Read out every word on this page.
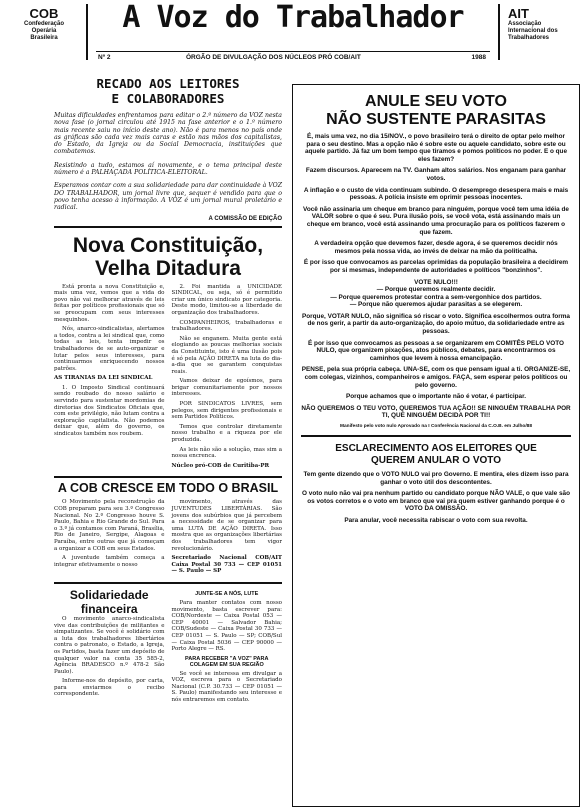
COB
Confederação
Operária
Brasileira
A Voz do Trabalhador	AIT
Associação
Internacional dos
Trabalhadores
Nº 2	ÓRGÃO DE DIVULGAÇÃO DOS NÚCLEOS PRÓ COB/AIT	1988
RECADO AOS LEITORES
E COLABORADORES
Muitas dificuldades enfrentamos para editar o 2.º número da VOZ nesta nova fase (o jornal circulou até 1915 na fase anterior e o 1.º número mais recente saiu no início deste ano). Não é para menos no país onde as gráficas são cada vez mais caras e estão nas mãos dos capitalistas, do Estado, da Igreja ou da Social Democracia, instituições que combatemos.
Resistindo a tudo, estamos aí novamente, e o tema principal deste número é a PALHAÇADA POLÍTICA-ELEITORAL.
Esperamos contar com a sua solidariedade para dar continuidade à VOZ DO TRABALHADOR, um jornal livre que, sequer é vendido para que o povo tenha acesso à informação. A VOZ é um jornal mural proletário e radical.
A COMISSÃO DE EDIÇÃO
Nova Constituição,
Velha Ditadura

Está pronta a nova Constituição e, mais uma vez, vemos que a vida do povo não vai melhorar através de leis feitas por políticos profissionais que só se preocupam com seus interesses mesquinhos.

Nós, anarco-sindicalistas, alertamos a todos, contra a lei sindical que, como todas as leis, tenta impedir os trabalhadores de se auto-organizar e lutar pelos seus interesses, para continuarmos enriquecendo nossos patrões.

AS TIRANIAS DA LEI SINDICAL

1. O Imposto Sindical continuará sendo roubado do nosso salário e servindo para sustentar mordomias de diretorias dos Sindicatos Oficiais que, com este privilégio, não lutam contra a exploração capitalista. Não podemos deixar que, além do governo, os sindicatos também nos roubem.

2. Foi mantida a UNICIDADE SINDICAL, ou seja, só é permitido criar um único sindicato por categoria. Deste modo, limitou-se a liberdade de organização dos trabalhadores.

COMPANHEIROS, trabalhadoras e trabalhadores.

Não se enganem. Muita gente está elogiando as poucas melhorias sociais da Constituinte, isto é uma ilusão pois é só pela AÇÃO DIRETA na luta do dia-a-dia que se garantem conquistas reais.

Vamos deixar de egoísmos, para brigar comunitariamente por nossos interesses.

POR SINDICATOS LIVRES, sem pelegos, sem dirigentes profissionais e sem Partidos Políticos.

Temos que controlar diretamente nosso trabalho e a riqueza por ele produzida.

As leis não são a solução, mas sim a nossa encrenca.

Núcleo pró-COB de Curitiba-PR

A COB CRESCE EM TODO O BRASIL

O Movimento pela reconstrução da COB preparam para seu 3.º Congresso Nacional. No 2.º Congresso houve S. Paulo, Bahia e Rio Grande do Sul. Para o 3.º já contamos com Paraná, Brasília, Rio de Janeiro, Sergipe, Alagoas e Paraíba, entre outras que já começam a organizar a COB em seus Estados.

A juventude também começa a integrar efetivamente o nosso

movimento, através das JUVENTUDES LIBERTÁRIAS. São jovens dos subúrbios que já percebem a necessidade de se organizar para uma LUTA DE AÇÃO DIRETA. Isso mostra que as organizações libertárias dos trabalhadores tem vigor revolucionário.

Secretariado Nacional COB/AIT Caixa Postal 30 733 — CEP 01051 — S. Paulo — SP

Solidariedade
financeira

O movimento anarco-sindicalista vive das contribuições de militantes e simpatizantes. Se você é solidário com a luta dos trabalhadores libertários contra o patronato, o Estado, a Igreja, os Partidos, basta fazer um depósito de qualquer valor na conta 35 585-2, Agência BRADESCO n.º 478-2 São Paulo).

Informe-nos do depósito, por carta, para enviarmos o recibo correspondente.

JUNTE-SE A NÓS, LUTE

Para manter contatos com nosso movimento, basta escrever para: COB/Nordeste — Caixa Postal 053 — CEP 40001 — Salvador Bahia; COB/Sudeste — Caixa Postal 30 733 — CEP 01051 — S. Paulo — SP; COB/Sul — Caixa Postal 5036 — CEP 90000 — Porto Alegre — RS.

PARA RECEBER "A VOZ" PARA COLAGEM EM SUA REGIÃO

Se você se interessa em divulgar a VOZ, escreva para o Secretariado Nacional (C.P. 30.733 — CEP 01051 — S. Paulo) manifestando seu interesse e nós entraremos em contato.

ANULE SEU VOTO
NÃO SUSTENTE PARASITAS

É, mais uma vez, no dia 15/NOV., o povo brasileiro terá o direito de optar pelo melhor para o seu destino. Mas a opção não é sobre este ou aquele candidato, sobre este ou aquele partido. Já faz um bom tempo que tiramos e pomos políticos no poder. E o que eles fazem?

Fazem discursos. Aparecem na TV. Ganham altos salários. Nos enganam para ganhar votos.

A inflação e o custo de vida continuam subindo. O desemprego desespera mais e mais pessoas. A polícia insiste em oprimir pessoas inocentes.

Você não assinaria um cheque em branco para ninguém, porque você tem uma idéia de VALOR sobre o que é seu. Pura ilusão pois, se você vota, está assinando mais un cheque em branco, você está assinando uma procuração para os políticos fazerem o que fazem.

A verdadeira opção que devemos fazer, desde agora, é se queremos decidir nós mesmos pela nossa vida, ao invés de deixar na mão da politicalha.

É por isso que convocamos as parcelas oprimidas da população brasileira a decidirem por si mesmas, independente de autoridades e políticos "bonzinhos".

VOTE NULO!!!

— Porque queremos realmente decidir.
— Porque queremos protestar contra a sem-vergonhice dos partidos.
— Porque não queremos ajudar parasitas a se elegerem.

Porque, VOTAR NULO, não significa só riscar o voto. Significa escolhermos outra forma de nos gerir, a partir da auto-organização, do apoio mútuo, da solidariedade entre as pessoas.

É por isso que convocamos as pessoas a se organizarem em COMITÊS PELO VOTO NULO, que organizem pixações, atos públicos, debates, para encontrarmos os caminhos que levem à nossa emancipação.

PENSE, pela sua própria cabeça. UNA-SE, com os que pensam igual a ti. ORGANIZE-SE, com colegas, vizinhos, companheiros e amigos. FAÇA, sem esperar pelos políticos ou pelo governo.

Porque achamos que o importante não é votar, é participar.

NÃO QUEREMOS O TEU VOTO, QUEREMOS TUA AÇÃO!! SE NINGUÉM TRABALHA POR TI, QUE NINGUÉM DECIDA POR TI!!

Manifesto pelo voto nulo Aprovado na I Conferência Nacional da C.O.B. em Julho/88
ESCLARECIMENTO AOS ELEITORES QUE
QUEREM ANULAR O VOTO

Tem gente dizendo que o VOTO NULO vai pro Governo. E mentira, eles dizem isso para ganhar o voto útil dos descontentes.

O voto nulo não vai pra nenhum partido ou candidato porque NÃO VALE, o que vale são os votos corretos e o voto em branco que vai pra quem estiver ganhando porque é o VOTO DA OMISSÃO.

Para anular, você necessita rabiscar o voto com sua revolta.
